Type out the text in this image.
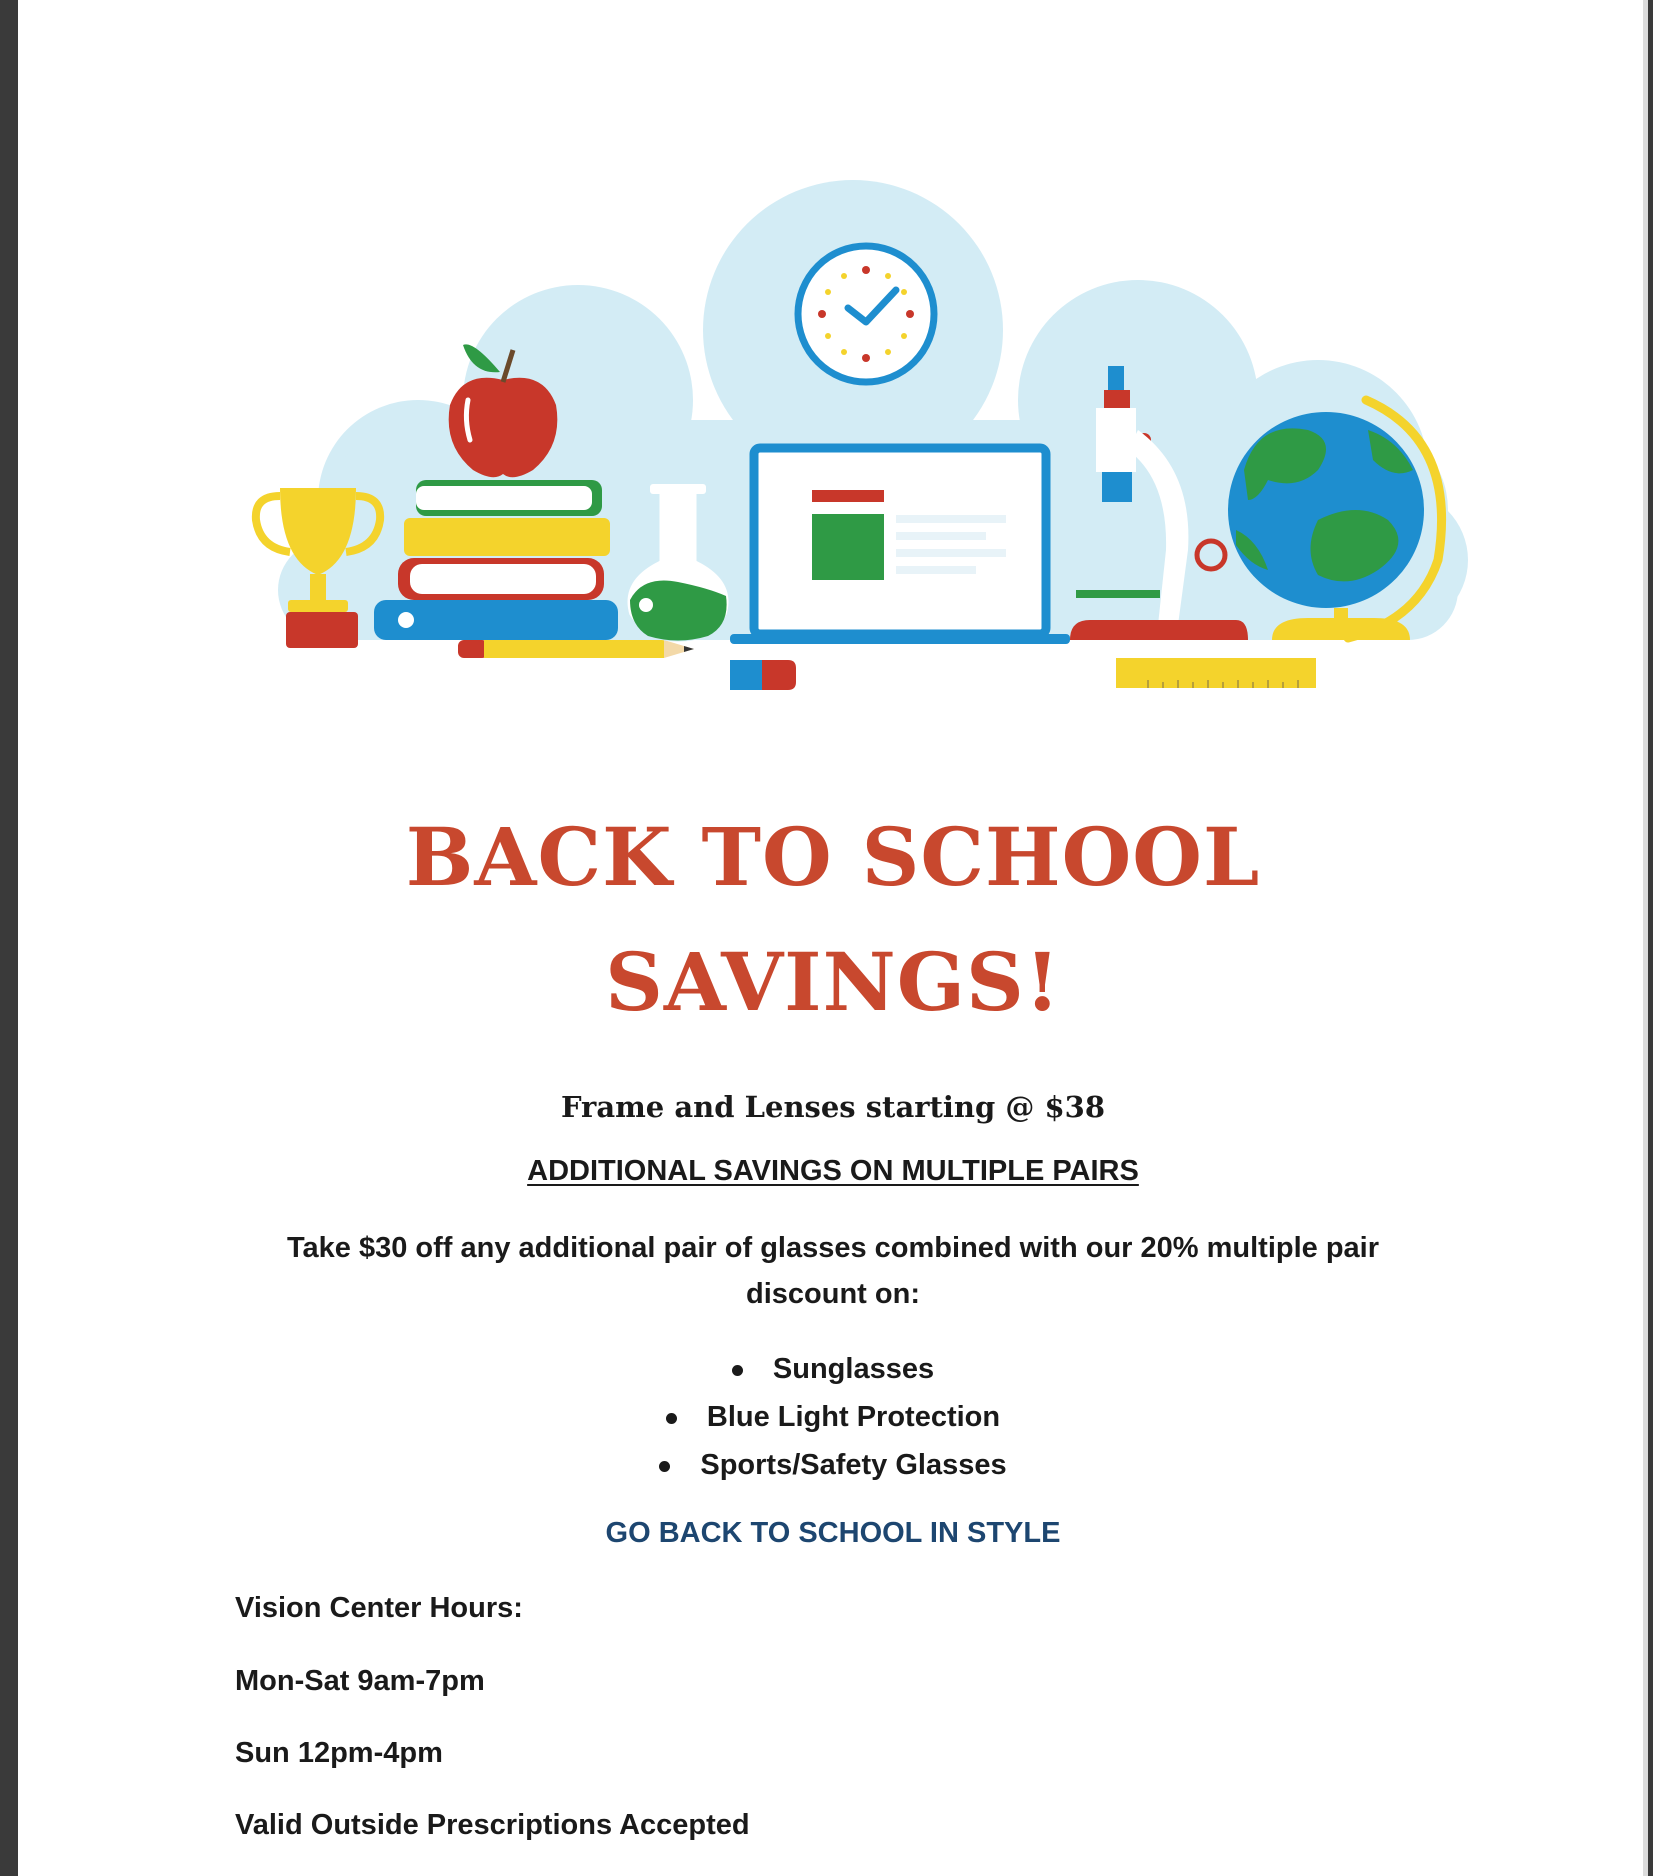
BACK TO SCHOOL
SAVINGS!

Frame and Lenses starting @ $38

ADDITIONAL SAVINGS ON MULTIPLE PAIRS

Take $30 off any additional pair of glasses combined with our 20% multiple pair
discount on:

Sunglasses
Blue Light Protection
Sports/Safety Glasses

GO BACK TO SCHOOL IN STYLE

Vision Center Hours:

Mon-Sat 9am-7pm

Sun 12pm-4pm

Valid Outside Prescriptions Accepted
